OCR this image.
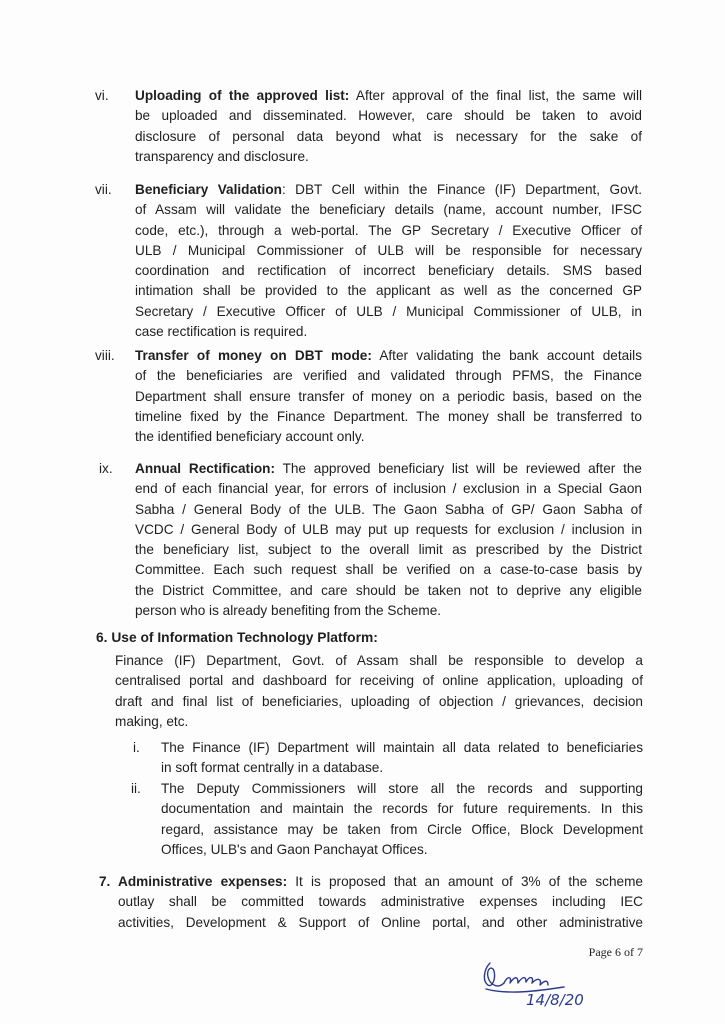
vi. Uploading of the approved list: After approval of the final list, the same will
be uploaded and disseminated. However, care should be taken to avoid
disclosure of personal data beyond what is necessary for the sake of
transparency and disclosure.
vii. Beneficiary Validation: DBT Cell within the Finance (IF) Department, Govt.
of Assam will validate the beneficiary details (name, account number, IFSC
code, etc.), through a web-portal. The GP Secretary / Executive Officer of
ULB / Municipal Commissioner of ULB will be responsible for necessary
coordination and rectification of incorrect beneficiary details. SMS based
intimation shall be provided to the applicant as well as the concerned GP
Secretary / Executive Officer of ULB / Municipal Commissioner of ULB, in
case rectification is required.
viii. Transfer of money on DBT mode: After validating the bank account details
of the beneficiaries are verified and validated through PFMS, the Finance
Department shall ensure transfer of money on a periodic basis, based on the
timeline fixed by the Finance Department. The money shall be transferred to
the identified beneficiary account only.
ix. Annual Rectification: The approved beneficiary list will be reviewed after the
end of each financial year, for errors of inclusion / exclusion in a Special Gaon
Sabha / General Body of the ULB. The Gaon Sabha of GP/ Gaon Sabha of
VCDC / General Body of ULB may put up requests for exclusion / inclusion in
the beneficiary list, subject to the overall limit as prescribed by the District
Committee. Each such request shall be verified on a case-to-case basis by
the District Committee, and care should be taken not to deprive any eligible
person who is already benefiting from the Scheme.
6. Use of Information Technology Platform:
Finance (IF) Department, Govt. of Assam shall be responsible to develop a
centralised portal and dashboard for receiving of online application, uploading of
draft and final list of beneficiaries, uploading of objection / grievances, decision
making, etc.
i. The Finance (IF) Department will maintain all data related to beneficiaries
in soft format centrally in a database.
ii. The Deputy Commissioners will store all the records and supporting
documentation and maintain the records for future requirements. In this
regard, assistance may be taken from Circle Office, Block Development
Offices, ULB's and Gaon Panchayat Offices.
7. Administrative expenses: It is proposed that an amount of 3% of the scheme
outlay shall be committed towards administrative expenses including IEC
activities, Development & Support of Online portal, and other administrative
Page 6 of 7
14/8/20
